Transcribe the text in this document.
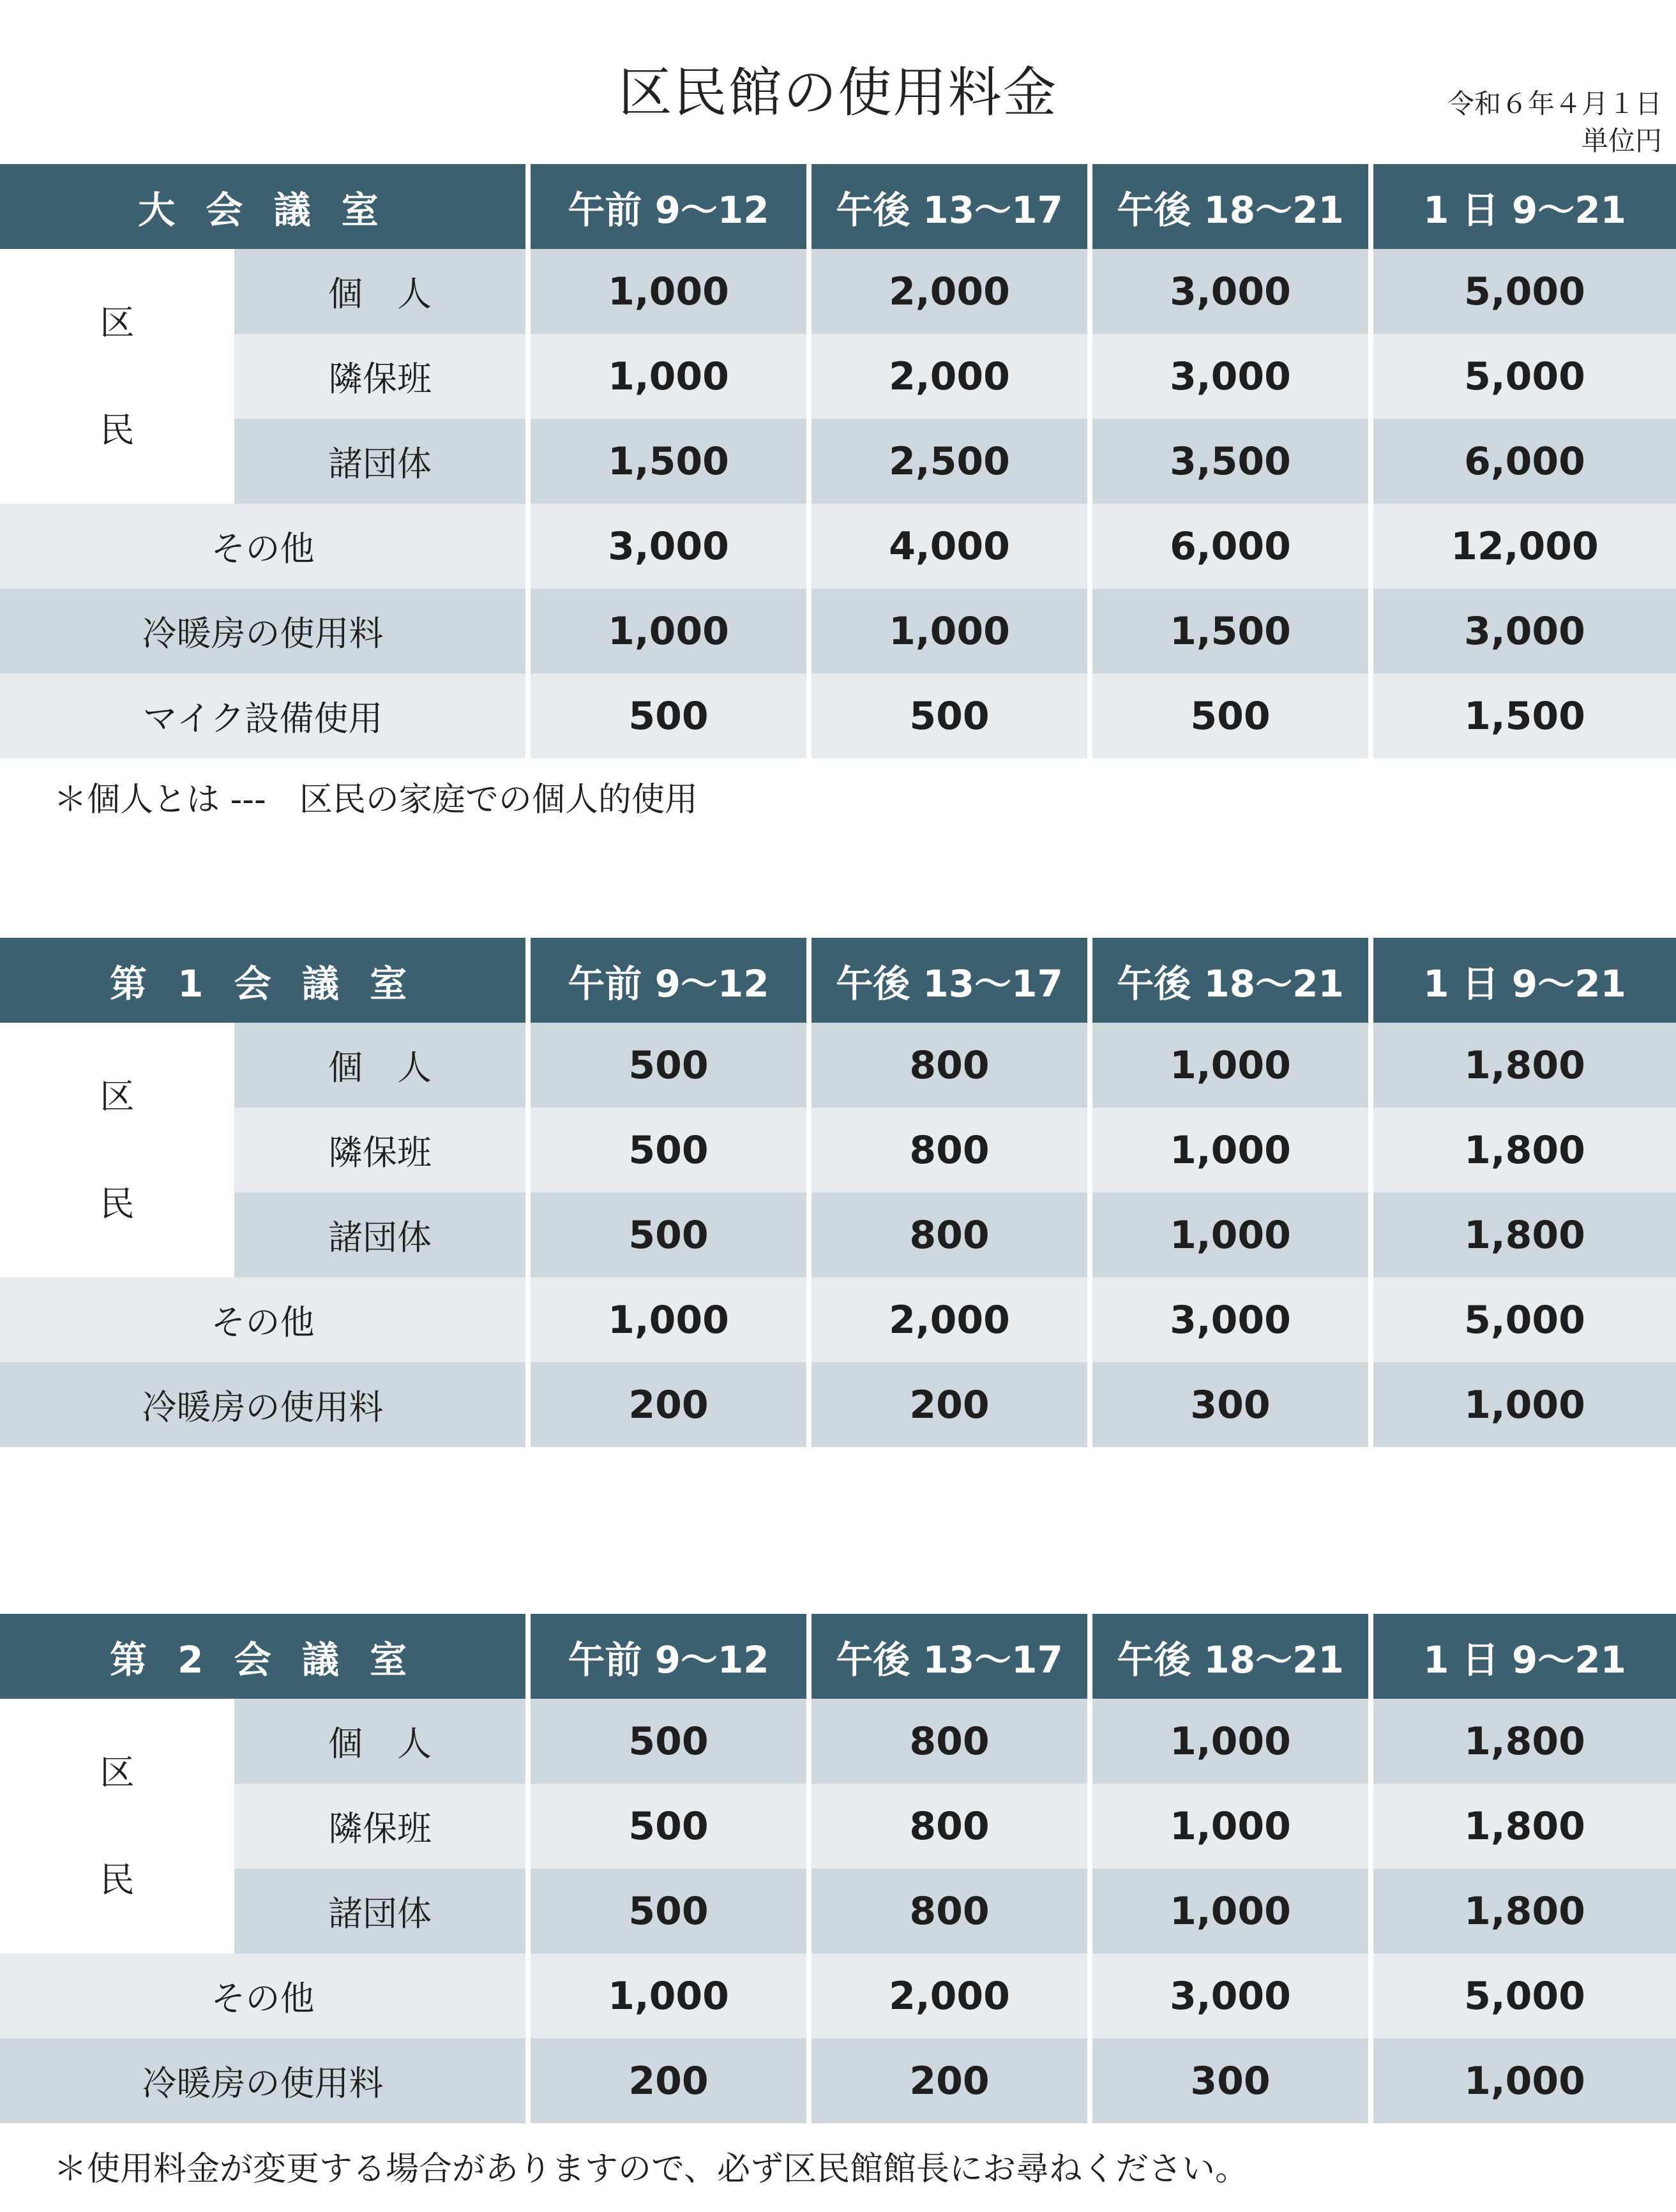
区民館の使用料金	令和６年４月１日
単位円
大 会 議 室		午前 9〜12	午後 13〜17	午後 18〜21	1 日 9〜21

区
民	個　人	1,000	2,000	3,000	5,000
	隣保班	1,000	2,000	3,000	5,000
	諸団体	1,500	2,500	3,500	6,000
その他		3,000	4,000	6,000	12,000
冷暖房の使用料		1,000	1,000	1,500	3,000
マイク設備使用		500	500	500	1,500
第 1 会 議 室		午前 9〜12	午後 13〜17	午後 18〜21	1 日 9〜21

区
民	個　人	500	800	1,000	1,800
	隣保班	500	800	1,000	1,800
	諸団体	500	800	1,000	1,800
その他		1,000	2,000	3,000	5,000
冷暖房の使用料		200	200	300	1,000
第 2 会 議 室		午前 9〜12	午後 13〜17	午後 18〜21	1 日 9〜21

区
民	個　人	500	800	1,000	1,800
	隣保班	500	800	1,000	1,800
	諸団体	500	800	1,000	1,800
その他		1,000	2,000	3,000	5,000
冷暖房の使用料		200	200	300	1,000
＊個人とは ---　区民の家庭での個人的使用
＊使用料金が変更する場合がありますので、必ず区民館館長にお尋ねください。
